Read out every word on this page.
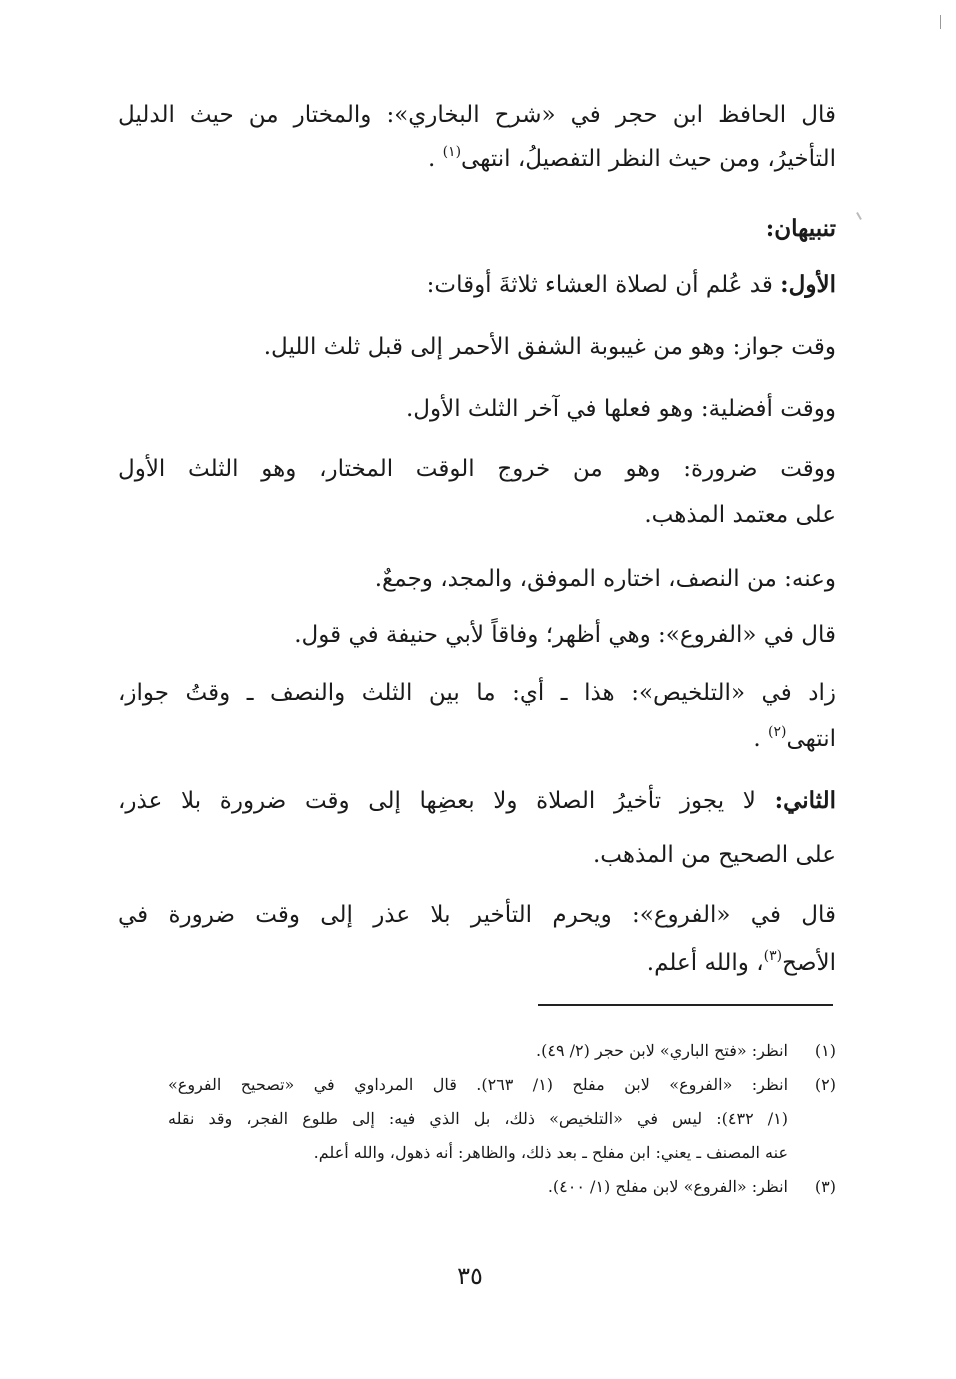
قال الحافظ ابن حجر في «شرح البخاري»: والمختار من حيث الدليل
التأخيرُ، ومن حيث النظر التفصيلُ، انتهى$^{(١)}$ .
تنبيهان:
الأول: قد عُلم أن لصلاة العشاء ثلاثةَ أوقات:
وقت جواز: وهو من غيبوبة الشفق الأحمر إلى قبل ثلث الليل.
ووقت أفضلية: وهو فعلها في آخر الثلث الأول.
ووقت ضرورة: وهو من خروج الوقت المختار، وهو الثلث الأول
على معتمد المذهب.
وعنه: من النصف، اختاره الموفق، والمجد، وجمعٌ.
قال في «الفروع»: وهي أظهر؛ وفاقاً لأبي حنيفة في قول.
زاد في «التلخيص»: هذا ـ أي: ما بين الثلث والنصف ـ وقتُ جواز،
انتهى$^{(٢)}$ .
الثاني: لا يجوز تأخيرُ الصلاة ولا بعضِها إلى وقت ضرورة بلا عذر،
على الصحيح من المذهب.
قال في «الفروع»: ويحرم التأخير بلا عذر إلى وقت ضرورة في
الأصح$^{(٣)}$، والله أعلم.
(١)
انظر: «فتح الباري» لابن حجر (٢/ ٤٩).
(٢)
انظر: «الفروع» لابن مفلح (١/ ٢٦٣). قال المرداوي في «تصحيح الفروع»
(١/ ٤٣٢): ليس في «التلخيص» ذلك، بل الذي فيه: إلى طلوع الفجر، وقد نقله
عنه المصنف ـ يعني: ابن مفلح ـ بعد ذلك، والظاهر: أنه ذهول، والله أعلم.
(٣)
انظر: «الفروع» لابن مفلح (١/ ٤٠٠).
٣٥
